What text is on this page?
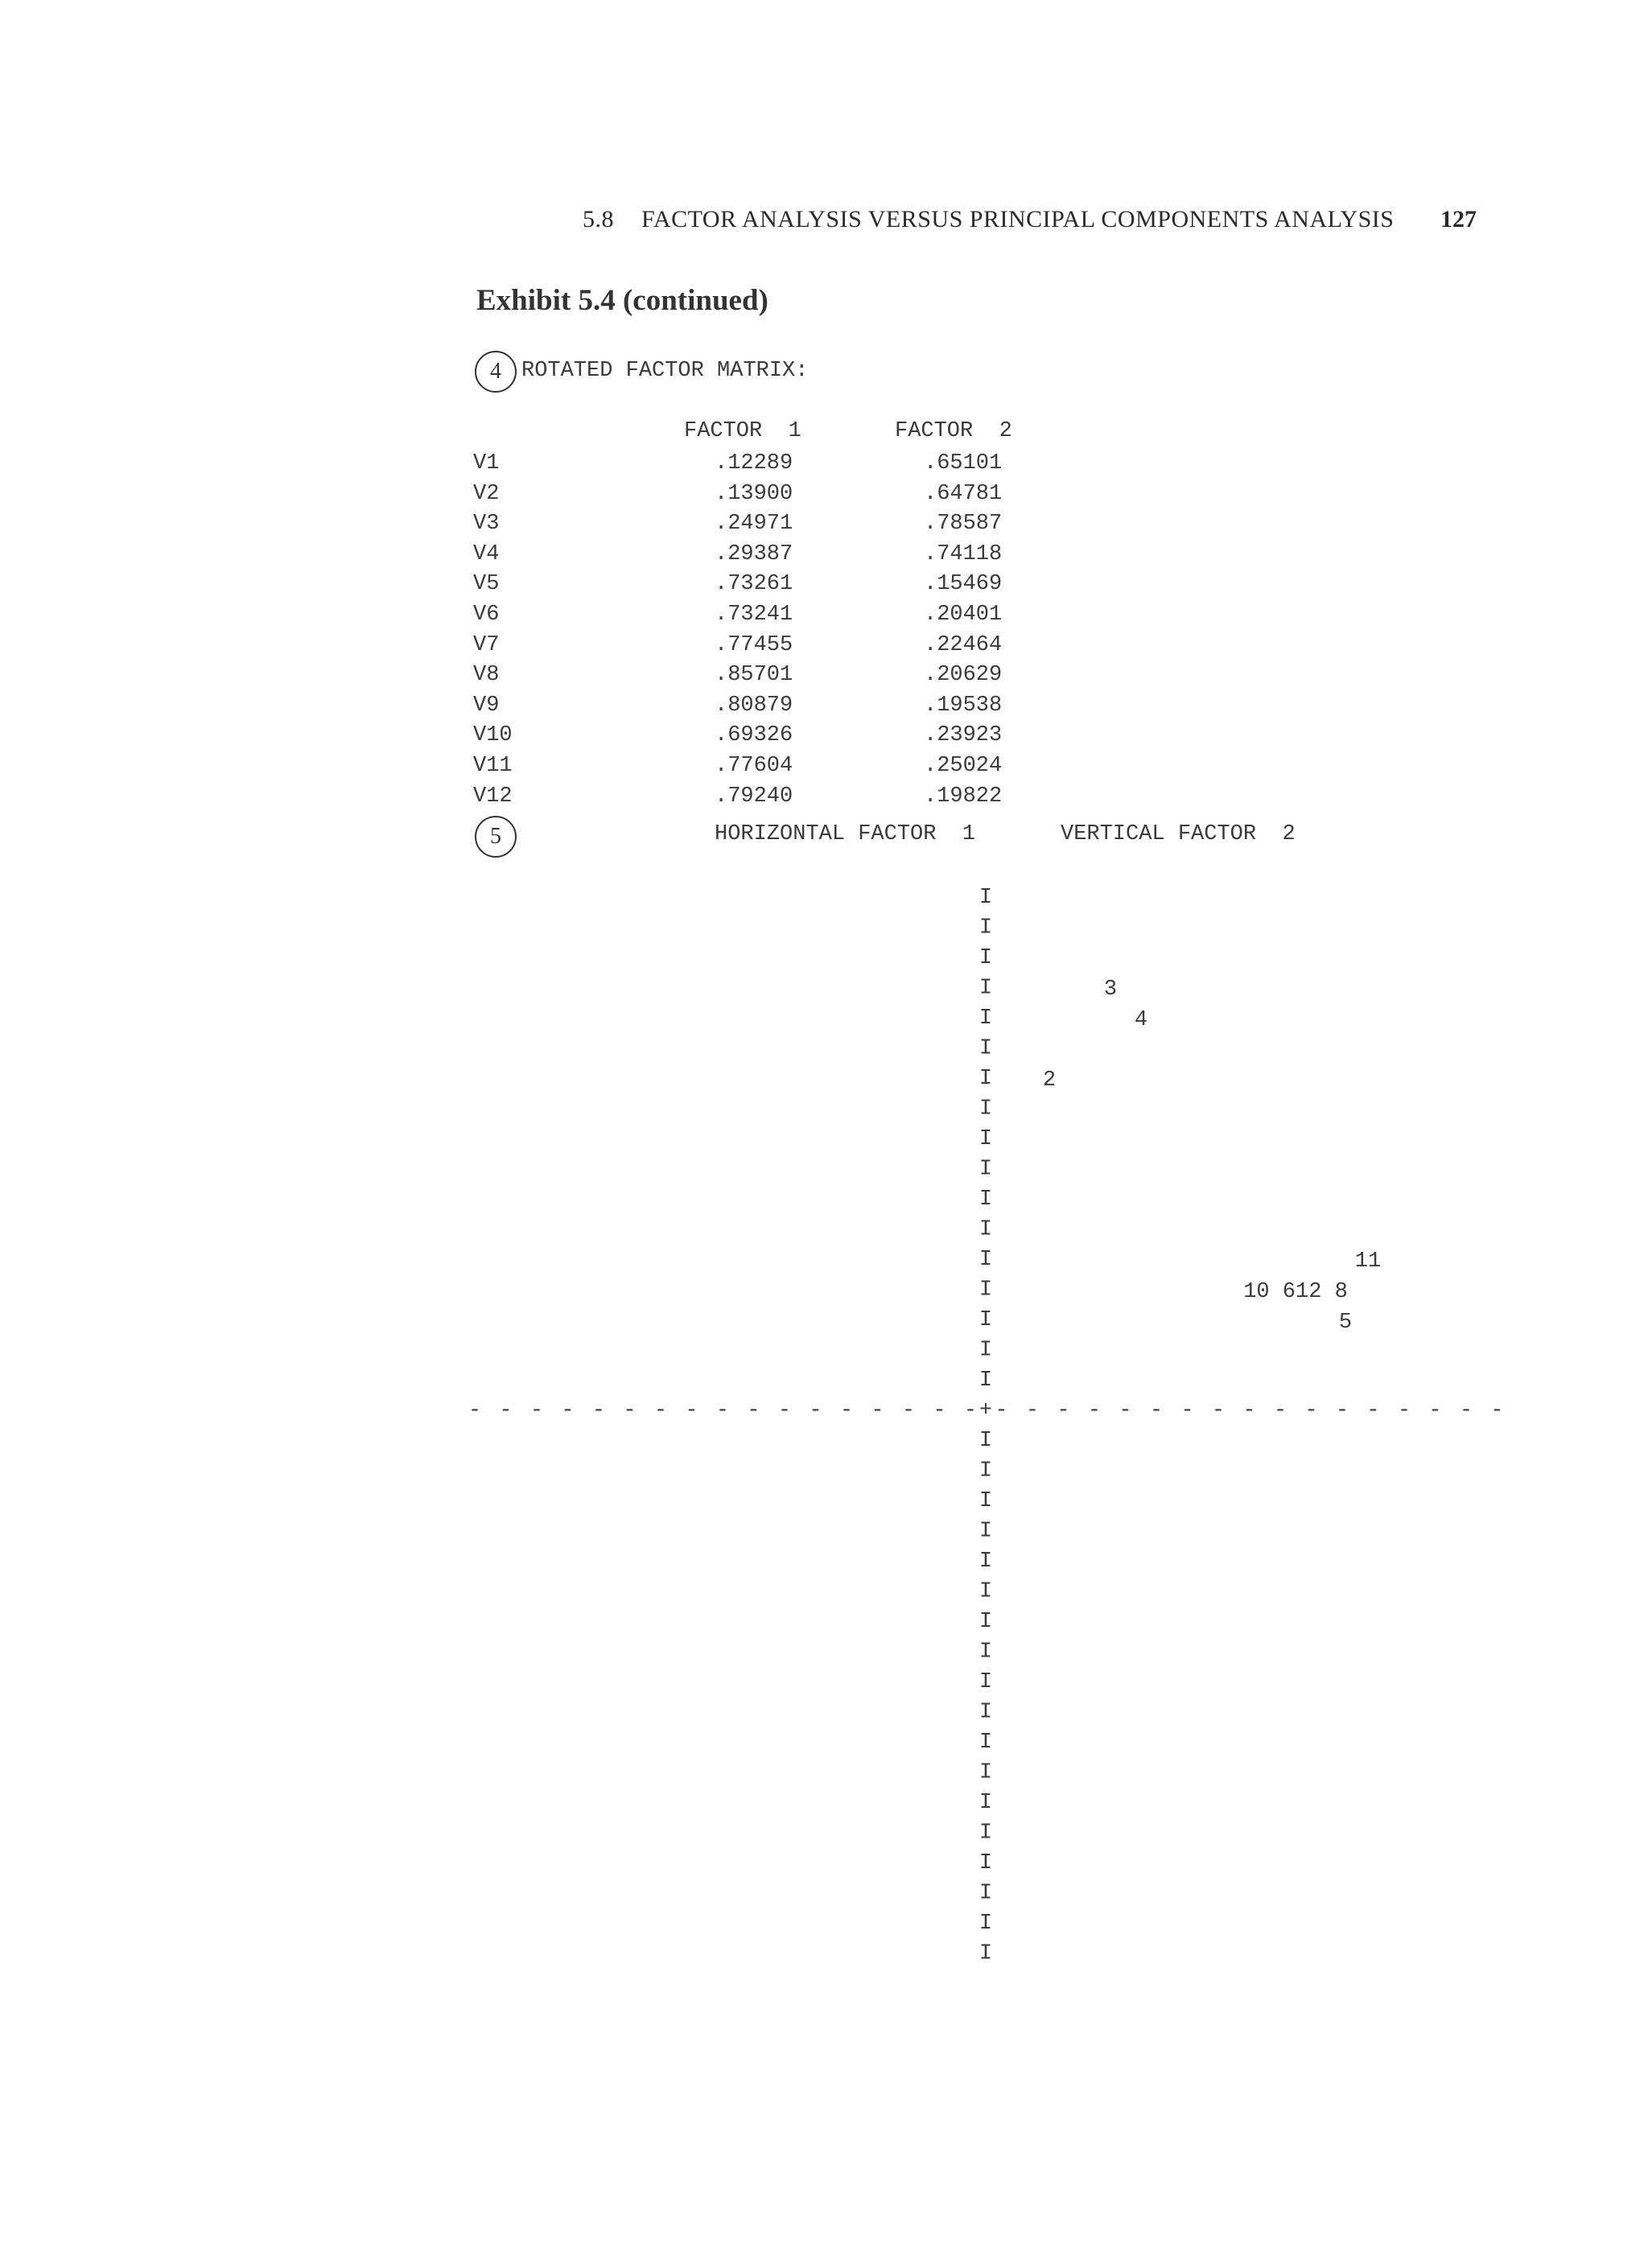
5.8 FACTOR ANALYSIS VERSUS PRINCIPAL COMPONENTS ANALYSIS 127
Exhibit 5.4 (continued)
4 ROTATED FACTOR MATRIX:
FACTOR  1	FACTOR  2
V1	.12289	.65101
V2	.13900	.64781
V3	.24971	.78587
V4	.29387	.74118
V5	.73261	.15469
V6	.73241	.20401
V7	.77455	.22464
V8	.85701	.20629
V9	.80879	.19538
V10	.69326	.23923
V11	.77604	.25024
V12	.79240	.19822
5	HORIZONTAL FACTOR  1	VERTICAL FACTOR  2
I
I
I
I
I
I
I
I
I
I
I
I
I
I
I
I
I
+
I
I
I
I
I
I
I
I
I
I
I
I
I
I
I
I
I
I
- - - - - - - - - - - - - - - - - - - - - - - - - - - - - - - - - -
3
4
2
11
10 612 8
5
